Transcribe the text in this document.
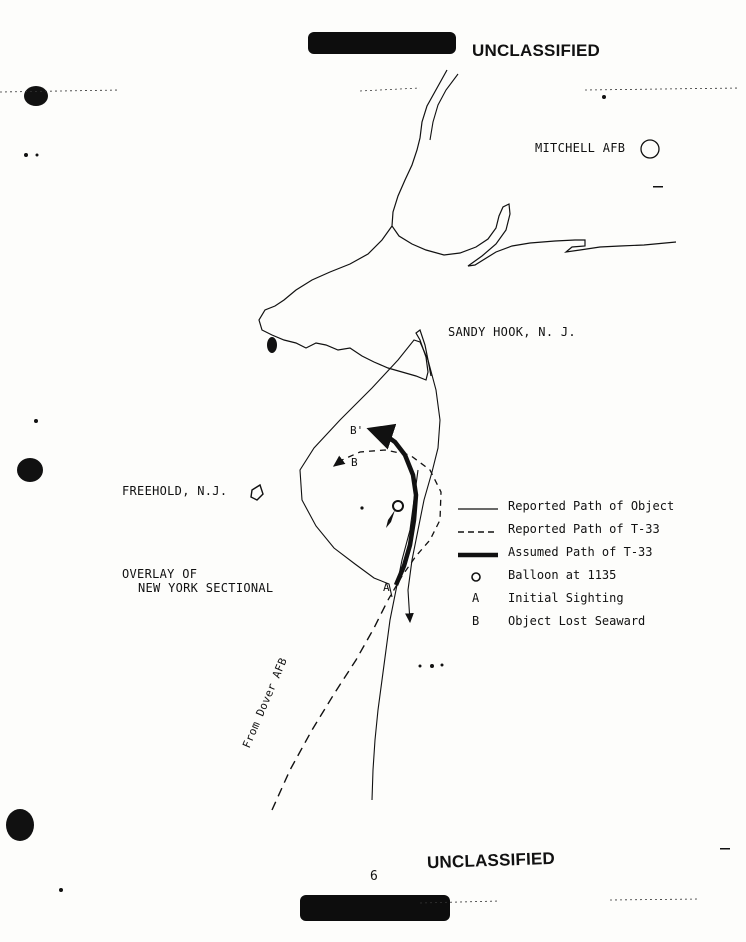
UNCLASSIFIED
MITCHELL AFB
SANDY HOOK, N. J.
FREEHOLD, N.J.
OVERLAY OF
NEW YORK SECTIONAL
From Dover AFB
A
B
B'
Reported Path of Object
Reported Path of T-33
Assumed Path of T-33
Balloon at 1135
A Initial Sighting
B Object Lost Seaward
UNCLASSIFIED
6
